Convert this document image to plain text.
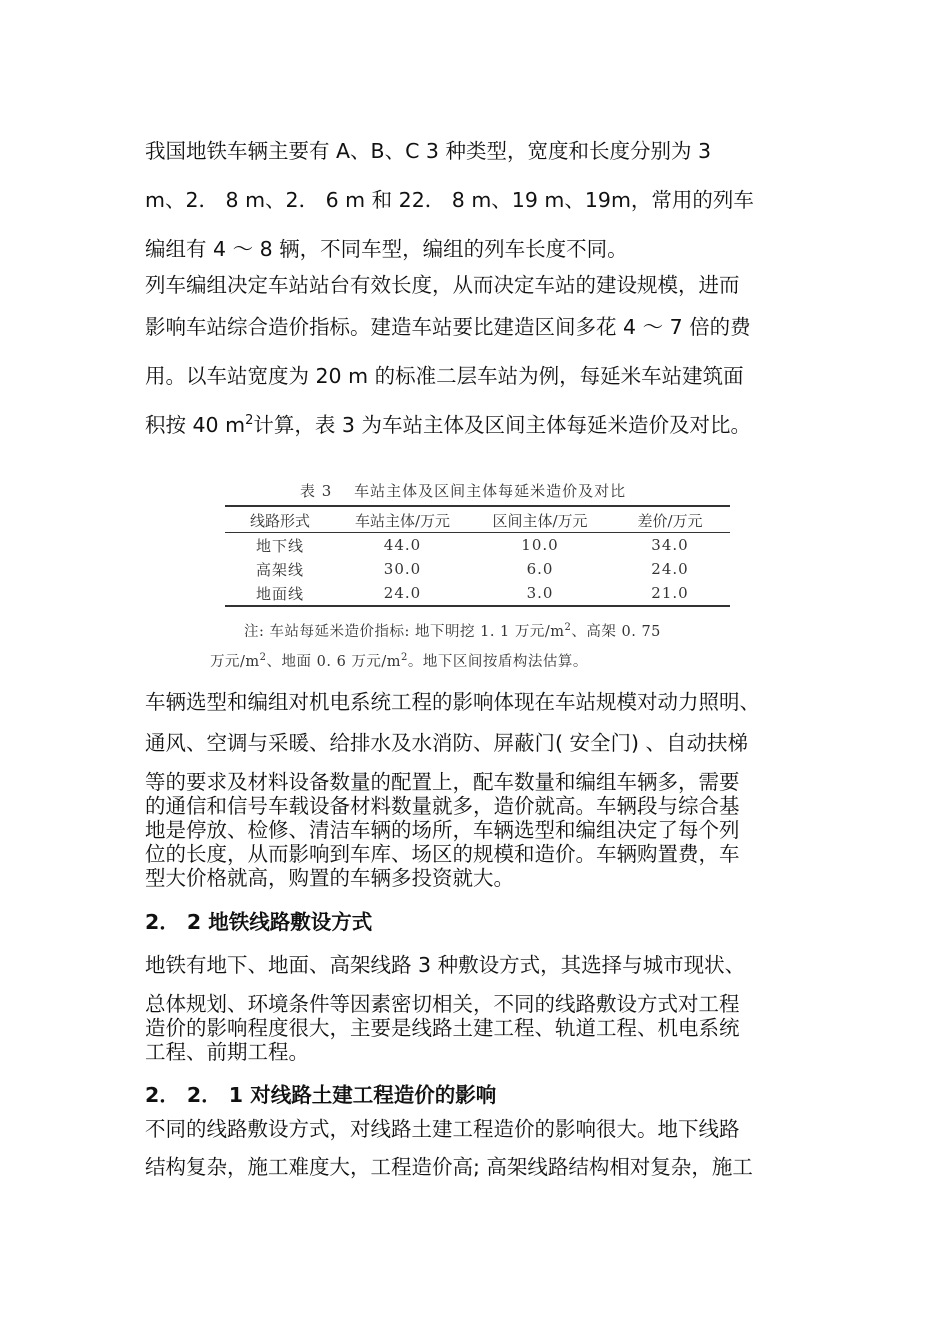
我国地铁车辆主要有 A、B、C 3 种类型，宽度和长度分别为 3

m、2． 8 m、2． 6 m 和 22． 8 m、19 m、19m，常用的列车

编组有 4 ～ 8 辆，不同车型，编组的列车长度不同。

列车编组决定车站站台有效长度，从而决定车站的建设规模，进而

影响车站综合造价指标。建造车站要比建造区间多花 4 ～ 7 倍的费

用。以车站宽度为 20 m 的标准二层车站为例，每延米车站建筑面

积按 40 $m^2$计算，表 3 为车站主体及区间主体每延米造价及对比。

表 3　 车站主体及区间主体每延米造价及对比
线路形式	车站主体/万元	区间主体/万元	差价/万元
地下线	44.0	10.0	34.0
高架线	30.0	6.0	24.0
地面线	24.0	3.0	21.0
注: 车站每延米造价指标: 地下明挖 1. 1 万元$/m^2$、高架 0. 75
万元$/m^2$、地面 0. 6 万元$/m^2$。地下区间按盾构法估算。

车辆选型和编组对机电系统工程的影响体现在车站规模对动力照明、

通风、空调与采暖、给排水及水消防、屏蔽门( 安全门) 、自动扶梯

等的要求及材料设备数量的配置上，配车数量和编组车辆多，需要

的通信和信号车载设备材料数量就多，造价就高。车辆段与综合基

地是停放、检修、清洁车辆的场所，车辆选型和编组决定了每个列

位的长度，从而影响到车库、场区的规模和造价。车辆购置费，车

型大价格就高，购置的车辆多投资就大。

2． 2 地铁线路敷设方式

地铁有地下、地面、高架线路 3 种敷设方式，其选择与城市现状、

总体规划、环境条件等因素密切相关，不同的线路敷设方式对工程

造价的影响程度很大，主要是线路土建工程、轨道工程、机电系统

工程、前期工程。

2． 2． 1 对线路土建工程造价的影响

不同的线路敷设方式，对线路土建工程造价的影响很大。地下线路

结构复杂，施工难度大，工程造价高; 高架线路结构相对复杂，施工
